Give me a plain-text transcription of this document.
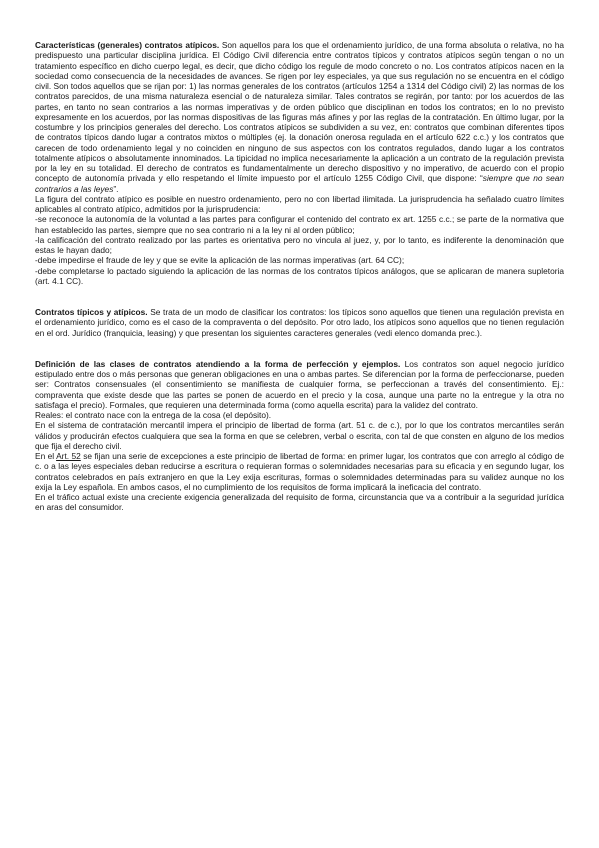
Características (generales) contratos atípicos. Son aquellos para los que el ordenamiento jurídico, de una forma absoluta o relativa, no ha predispuesto una particular disciplina jurídica. El Código Civil diferencia entre contratos típicos y contratos atípicos según tengan o no un tratamiento específico en dicho cuerpo legal, es decir, que dicho código los regule de modo concreto o no. Los contratos atípicos nacen en la sociedad como consecuencia de la necesidades de avances. Se rigen por ley especiales, ya que sus regulación no se encuentra en el código civil. Son todos aquellos que se rijan por: 1) las normas generales de los contratos (artículos 1254 a 1314 del Código civil) 2) las normas de los contratos parecidos, de una misma naturaleza esencial o de naturaleza similar. Tales contratos se regirán, por tanto: por los acuerdos de las partes, en tanto no sean contrarios a las normas imperativas y de orden público que disciplinan en todos los contratos; en lo no previsto expresamente en los acuerdos, por las normas dispositivas de las figuras más afines y por las reglas de la contratación. En último lugar, por la costumbre y los principios generales del derecho. Los contratos atípicos se subdividen a su vez, en: contratos que combinan diferentes tipos de contratos típicos dando lugar a contratos mixtos o múltiples (ej. la donación onerosa regulada en el artículo 622 c.c.) y los contratos que carecen de todo ordenamiento legal y no coinciden en ninguno de sus aspectos con los contratos regulados, dando lugar a los contratos totalmente atípicos o absolutamente innominados. La tipicidad no implica necesariamente la aplicación a un contrato de la regulación prevista por la ley en su totalidad. El derecho de contratos es fundamentalmente un derecho dispositivo y no imperativo, de acuerdo con el propio concepto de autonomía privada y ello respetando el límite impuesto por el artículo 1255 Código Civil, que dispone: “siempre que no sean contrarios a las leyes”.

La figura del contrato atípico es posible en nuestro ordenamiento, pero no con libertad ilimitada. La jurisprudencia ha señalado cuatro límites aplicables al contrato atípico, admitidos por la jurisprudencia:

-se reconoce la autonomía de la voluntad a las partes para configurar el contenido del contrato ex art. 1255 c.c.; se parte de la normativa que han establecido las partes, siempre que no sea contrario ni a la ley ni al orden público;

-la calificación del contrato realizado por las partes es orientativa pero no vincula al juez, y, por lo tanto, es indiferente la denominación que estas le hayan dado;

-debe impedirse el fraude de ley y que se evite la aplicación de las normas imperativas (art. 64 CC);

-debe completarse lo pactado siguiendo la aplicación de las normas de los contratos típicos análogos, que se aplicaran de manera supletoria (art. 4.1 CC).

Contratos típicos y atípicos. Se trata de un modo de clasificar los contratos: los típicos sono aquellos que tienen una regulación prevista en el ordenamiento jurídico, como es el caso de la compraventa o del depósito. Por otro lado, los atípicos sono aquellos que no tienen regulación en el ord. Jurídico (franquicia, leasing) y que presentan los siguientes caracteres generales (vedi elenco domanda prec.).

Definición de las clases de contratos atendiendo a la forma de perfección y ejemplos. Los contratos son aquel negocio jurídico estipulado entre dos o más personas que generan obligaciones en una o ambas partes. Se diferencian por la forma de perfeccionarse, pueden ser: Contratos consensuales (el consentimiento se manifiesta de cualquier forma, se perfeccionan a través del consentimiento. Ej.: compraventa que existe desde que las partes se ponen de acuerdo en el precio y la cosa, aunque una parte no la entregue y la otra no satisfaga el precio). Formales, que requieren una determinada forma (como aquella escrita) para la validez del contrato.

Reales: el contrato nace con la entrega de la cosa (el depósito).

En el sistema de contratación mercantil impera el principio de libertad de forma (art. 51 c. de c.), por lo que los contratos mercantiles serán válidos y producirán efectos cualquiera que sea la forma en que se celebren, verbal o escrita, con tal de que consten en alguno de los medios que fija el derecho civil.

En el Art. 52 se fijan una serie de excepciones a este principio de libertad de forma: en primer lugar, los contratos que con arreglo al código de c. o a las leyes especiales deban reducirse a escritura o requieran formas o solemnidades necesarias para su eficacia y en segundo lugar, los contratos celebrados en país extranjero en que la Ley exija escrituras, formas o solemnidades determinadas para su validez aunque no los exija la Ley española. En ambos casos, el no cumplimiento de los requisitos de forma implicará la ineficacia del contrato.

En el tráfico actual existe una creciente exigencia generalizada del requisito de forma, circunstancia que va a contribuir a la seguridad jurídica en aras del consumidor.
